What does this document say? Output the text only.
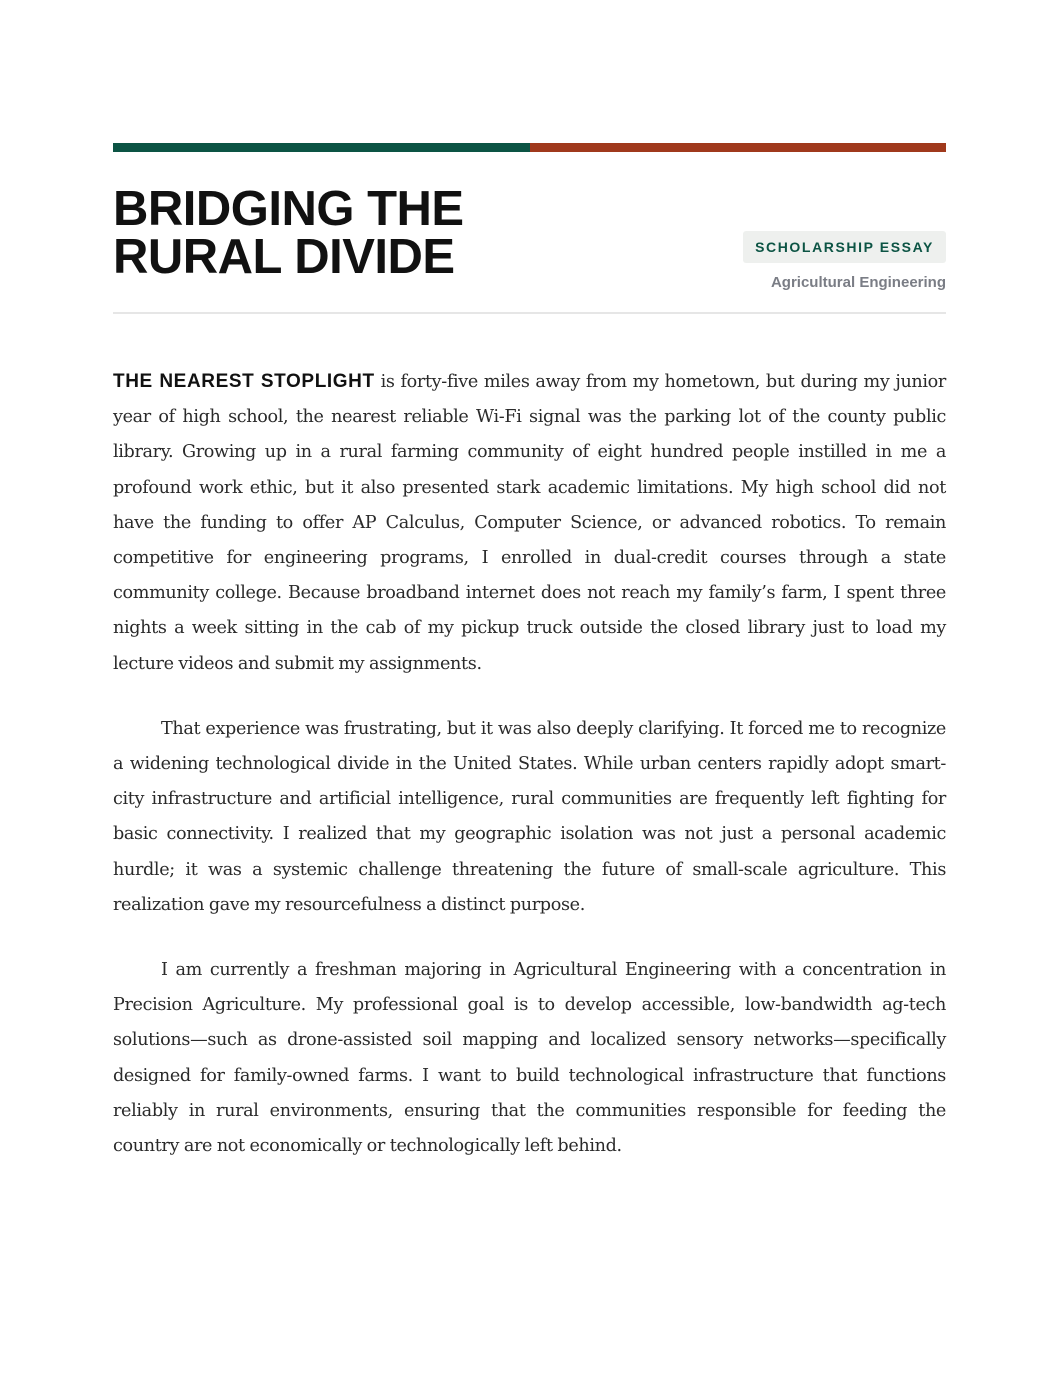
BRIDGING THE
RURAL DIVIDE	SCHOLARSHIP ESSAY
Agricultural Engineering

THE NEAREST STOPLIGHT is forty-five miles away from my hometown, but during my junior year of high school, the nearest reliable Wi-Fi signal was the parking lot of the county public library. Growing up in a rural farming community of eight hundred people instilled in me a profound work ethic, but it also presented stark academic limitations. My high school did not have the funding to offer AP Calculus, Computer Science, or advanced robotics. To remain competitive for engineering programs, I enrolled in dual-credit courses through a state community college. Because broadband internet does not reach my family’s farm, I spent three nights a week sitting in the cab of my pickup truck outside the closed library just to load my lecture videos and submit my assignments.

That experience was frustrating, but it was also deeply clarifying. It forced me to recognize a widening technological divide in the United States. While urban centers rapidly adopt smart-city infrastructure and artificial intelligence, rural communities are frequently left fighting for basic connectivity. I realized that my geographic isolation was not just a personal academic hurdle; it was a systemic challenge threatening the future of small-scale agriculture. This realization gave my resourcefulness a distinct purpose.

I am currently a freshman majoring in Agricultural Engineering with a concentration in Precision Agriculture. My professional goal is to develop accessible, low-bandwidth ag-tech solutions—such as drone-assisted soil mapping and localized sensory networks—specifically designed for family-owned farms. I want to build technological infrastructure that functions reliably in rural environments, ensuring that the communities responsible for feeding the country are not economically or technologically left behind.
